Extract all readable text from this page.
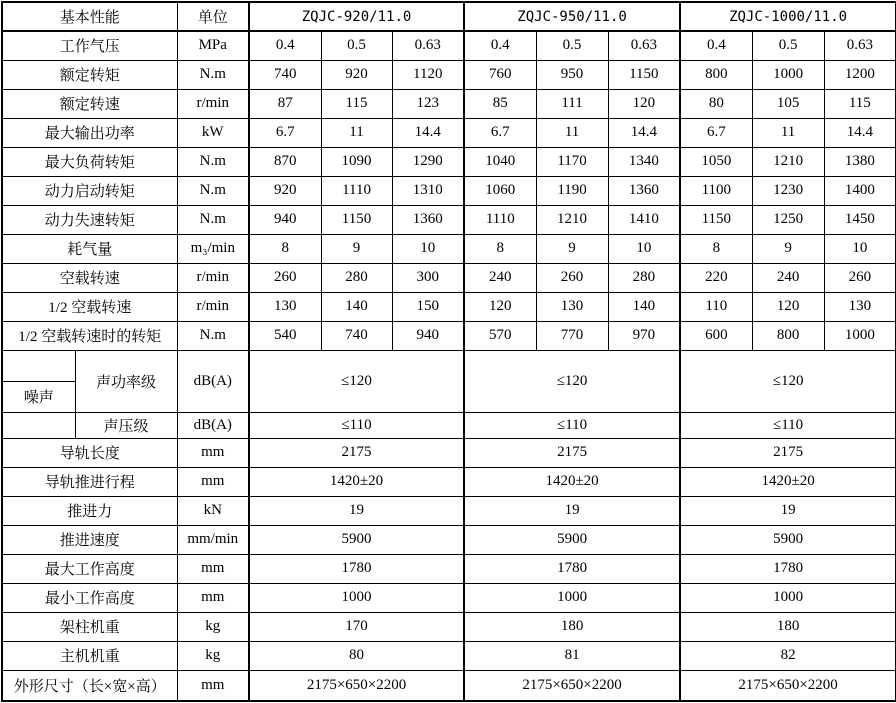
基本性能		单位	ZQJC-920/11.0			ZQJC-950/11.0			ZQJC-1000/11.0		
工作气压		MPa	0.4	0.5	0.63	0.4	0.5	0.63	0.4	0.5	0.63
额定转矩		N.m	740	920	1120	760	950	1150	800	1000	1200
额定转速		r/min	87	115	123	85	111	120	80	105	115
最大输出功率		kW	6.7	11	14.4	6.7	11	14.4	6.7	11	14.4
最大负荷转矩		N.m	870	1090	1290	1040	1170	1340	1050	1210	1380
动力启动转矩		N.m	920	1110	1310	1060	1190	1360	1100	1230	1400
动力失速转矩		N.m	940	1150	1360	1110	1210	1410	1150	1250	1450
耗气量		m₃/min	8	9	10	8	9	10	8	9	10
空载转速		r/min	260	280	300	240	260	280	220	240	260
1/2 空载转速		r/min	130	140	150	120	130	140	110	120	130
1/2 空载转速时的转矩		N.m	540	740	940	570	770	970	600	800	1000
	声功率级	dB(A)	≤120			≤120			≤120		
噪声											
	声压级	dB(A)	≤110			≤110			≤110		
导轨长度		mm	2175			2175			2175		
导轨推进行程		mm	1420±20			1420±20			1420±20		
推进力		kN	19			19			19		
推进速度		mm/min	5900			5900			5900		
最大工作高度		mm	1780			1780			1780		
最小工作高度		mm	1000			1000			1000		
架柱机重		kg	170			180			180		
主机机重		kg	80			81			82		
外形尺寸（长×宽×高）		mm	2175×650×2200			2175×650×2200			2175×650×2200		
